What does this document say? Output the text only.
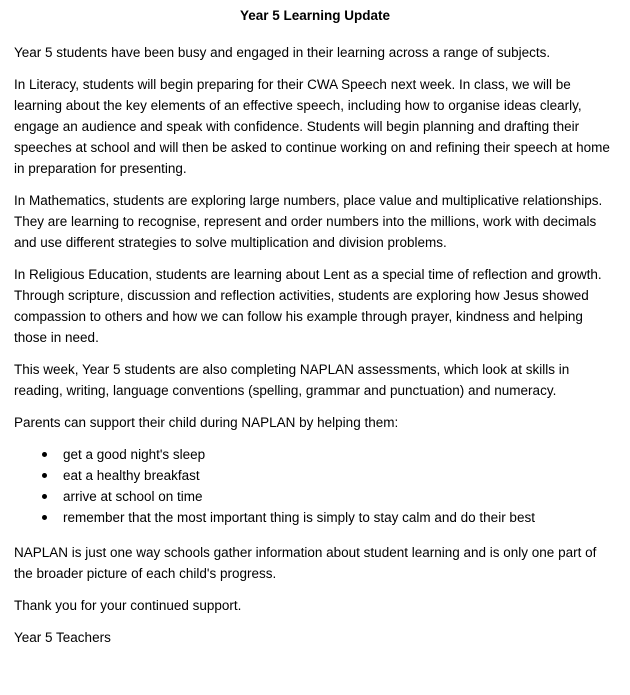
Year 5 Learning Update

Year 5 students have been busy and engaged in their learning across a range of subjects.

In Literacy, students will begin preparing for their CWA Speech next week. In class, we will be learning about the key elements of an effective speech, including how to organise ideas clearly, engage an audience and speak with confidence. Students will begin planning and drafting their speeches at school and will then be asked to continue working on and refining their speech at home in preparation for presenting.

In Mathematics, students are exploring large numbers, place value and multiplicative relationships. They are learning to recognise, represent and order numbers into the millions, work with decimals and use different strategies to solve multiplication and division problems.

In Religious Education, students are learning about Lent as a special time of reflection and growth. Through scripture, discussion and reflection activities, students are exploring how Jesus showed compassion to others and how we can follow his example through prayer, kindness and helping those in need.

This week, Year 5 students are also completing NAPLAN assessments, which look at skills in reading, writing, language conventions (spelling, grammar and punctuation) and numeracy.

Parents can support their child during NAPLAN by helping them:

get a good night's sleep
eat a healthy breakfast
arrive at school on time
remember that the most important thing is simply to stay calm and do their best

NAPLAN is just one way schools gather information about student learning and is only one part of the broader picture of each child's progress.

Thank you for your continued support.

Year 5 Teachers
